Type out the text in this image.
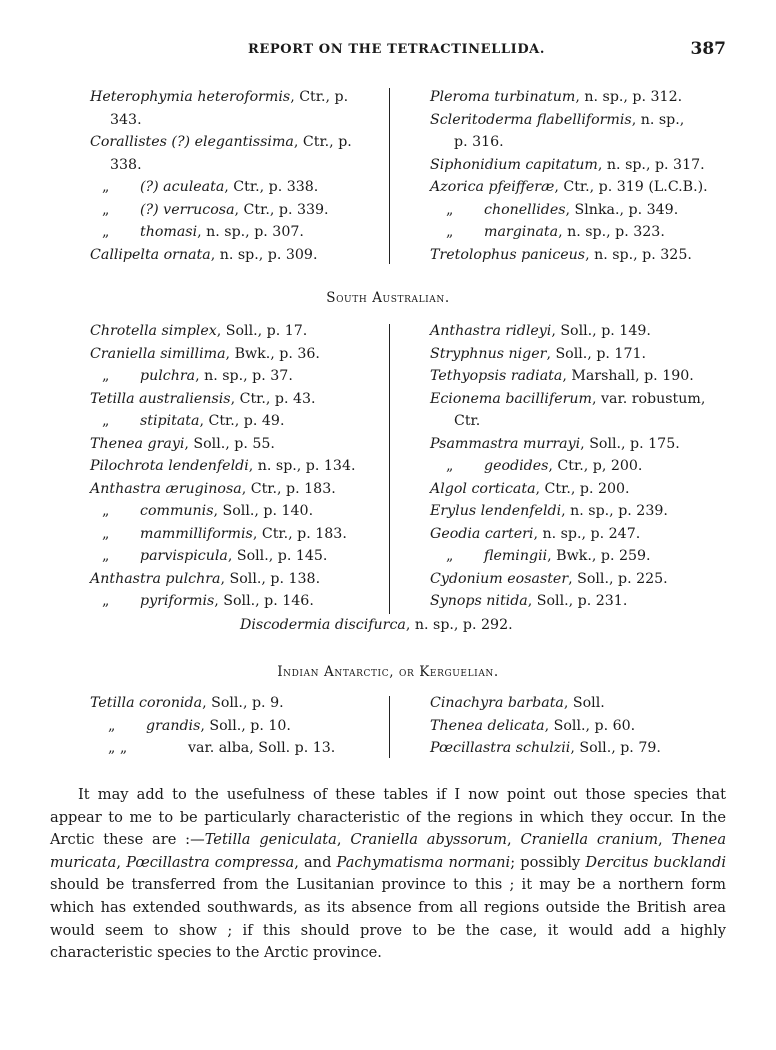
REPORT ON THE TETRACTINELLIDA.	387
Heterophymia heteroformis, Ctr., p.
343.
Corallistes (?) elegantissima, Ctr., p.
338.
„ (?) aculeata, Ctr., p. 338.
„ (?) verrucosa, Ctr., p. 339.
„ thomasi, n. sp., p. 307.
Callipelta ornata, n. sp., p. 309.
Pleroma turbinatum, n. sp., p. 312.
Scleritoderma flabelliformis, n. sp.,
p. 316.
Siphonidium capitatum, n. sp., p. 317.
Azorica pfeifferæ, Ctr., p. 319 (L.C.B.).
„ chonellides, Slnka., p. 349.
„ marginata, n. sp., p. 323.
Tretolophus paniceus, n. sp., p. 325.
South Australian.
Chrotella simplex, Soll., p. 17.
Craniella simillima, Bwk., p. 36.
„ pulchra, n. sp., p. 37.
Tetilla australiensis, Ctr., p. 43.
„ stipitata, Ctr., p. 49.
Thenea grayi, Soll., p. 55.
Pilochrota lendenfeldi, n. sp., p. 134.
Anthastra æruginosa, Ctr., p. 183.
„ communis, Soll., p. 140.
„ mammilliformis, Ctr., p. 183.
„ parvispicula, Soll., p. 145.
Anthastra pulchra, Soll., p. 138.
„ pyriformis, Soll., p. 146.
Anthastra ridleyi, Soll., p. 149.
Stryphnus niger, Soll., p. 171.
Tethyopsis radiata, Marshall, p. 190.
Ecionema bacilliferum, var. robustum,
Ctr.
Psammastra murrayi, Soll., p. 175.
„ geodides, Ctr., p, 200.
Algol corticata, Ctr., p. 200.
Erylus lendenfeldi, n. sp., p. 239.
Geodia carteri, n. sp., p. 247.
„ flemingii, Bwk., p. 259.
Cydonium eosaster, Soll., p. 225.
Synops nitida, Soll., p. 231.
Discodermia discifurca, n. sp., p. 292.
Indian Antarctic, or Kerguelian.
Tetilla coronida, Soll., p. 9.
„ grandis, Soll., p. 10.
„ „	var. alba, Soll. p. 13.
Cinachyra barbata, Soll.
Thenea delicata, Soll., p. 60.
Pœcillastra schulzii, Soll., p. 79.
It may add to the usefulness of these tables if I now point out those species that appear to me to be particularly characteristic of the regions in which they occur. In the Arctic these are :—Tetilla geniculata, Craniella abyssorum, Craniella cranium, Thenea muricata, Pœcillastra compressa, and Pachymatisma normani; possibly Dercitus bucklandi should be transferred from the Lusitanian province to this ; it may be a northern form which has extended southwards, as its absence from all regions outside the British area would seem to show ; if this should prove to be the case, it would add a highly characteristic species to the Arctic province.
